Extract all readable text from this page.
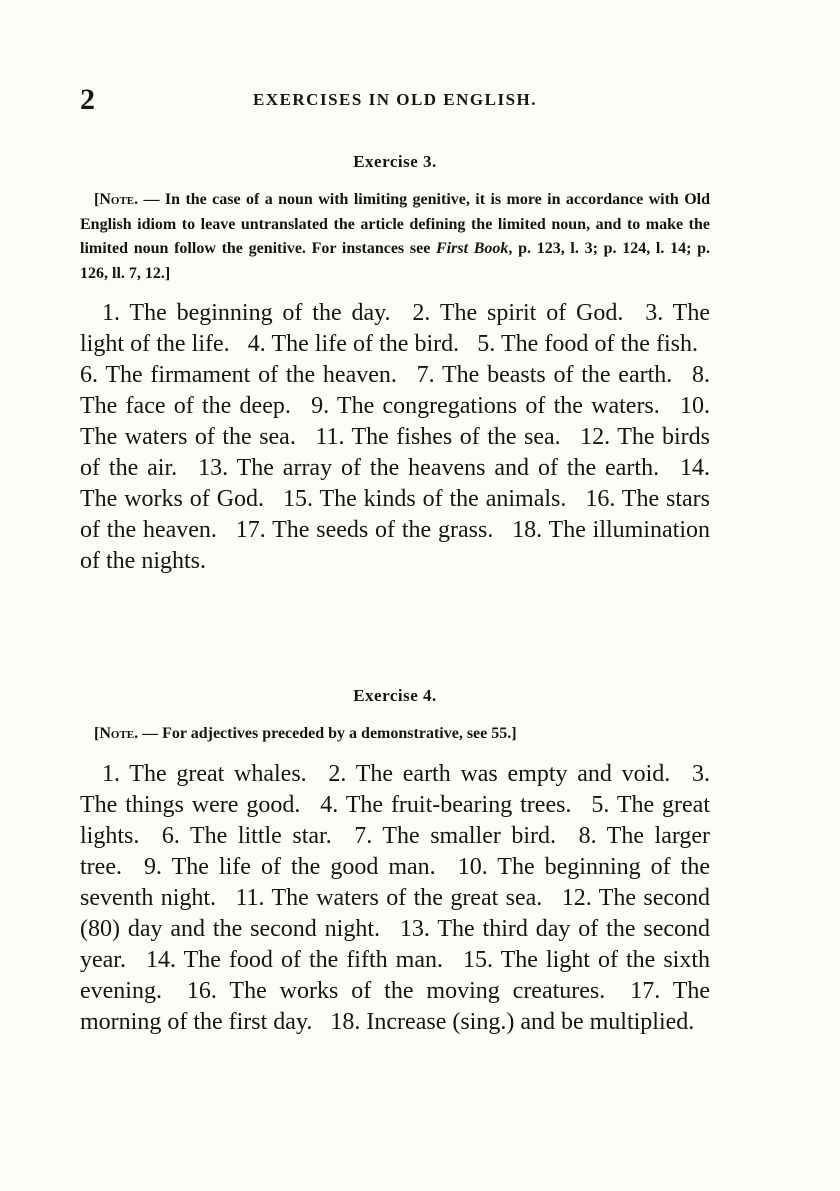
2	EXERCISES IN OLD ENGLISH.
Exercise 3.

[Note. — In the case of a noun with limiting genitive, it is more in accordance with Old English idiom to leave untranslated the article defining the limited noun, and to make the limited noun follow the genitive. For instances see First Book, p. 123, l. 3; p. 124, l. 14; p. 126, ll. 7, 12.]

1. The beginning of the day.  2. The spirit of God.  3. The light of the life.  4. The life of the bird.  5. The food of the fish.  6. The firmament of the heaven.  7. The beasts of the earth.  8. The face of the deep.  9. The congregations of the waters.  10. The waters of the sea.  11. The fishes of the sea.  12. The birds of the air.  13. The array of the heavens and of the earth.  14. The works of God.  15. The kinds of the animals.  16. The stars of the heaven.  17. The seeds of the grass.  18. The illumination of the nights.

Exercise 4.

[Note. — For adjectives preceded by a demonstrative, see 55.]

1. The great whales.  2. The earth was empty and void.  3. The things were good.  4. The fruit-bearing trees.  5. The great lights.  6. The little star.  7. The smaller bird.  8. The larger tree.  9. The life of the good man.  10. The beginning of the seventh night.  11. The waters of the great sea.  12. The second (80) day and the second night.  13. The third day of the second year.  14. The food of the fifth man.  15. The light of the sixth evening.  16. The works of the moving creatures.  17. The morning of the first day.  18. Increase (sing.) and be multiplied.
